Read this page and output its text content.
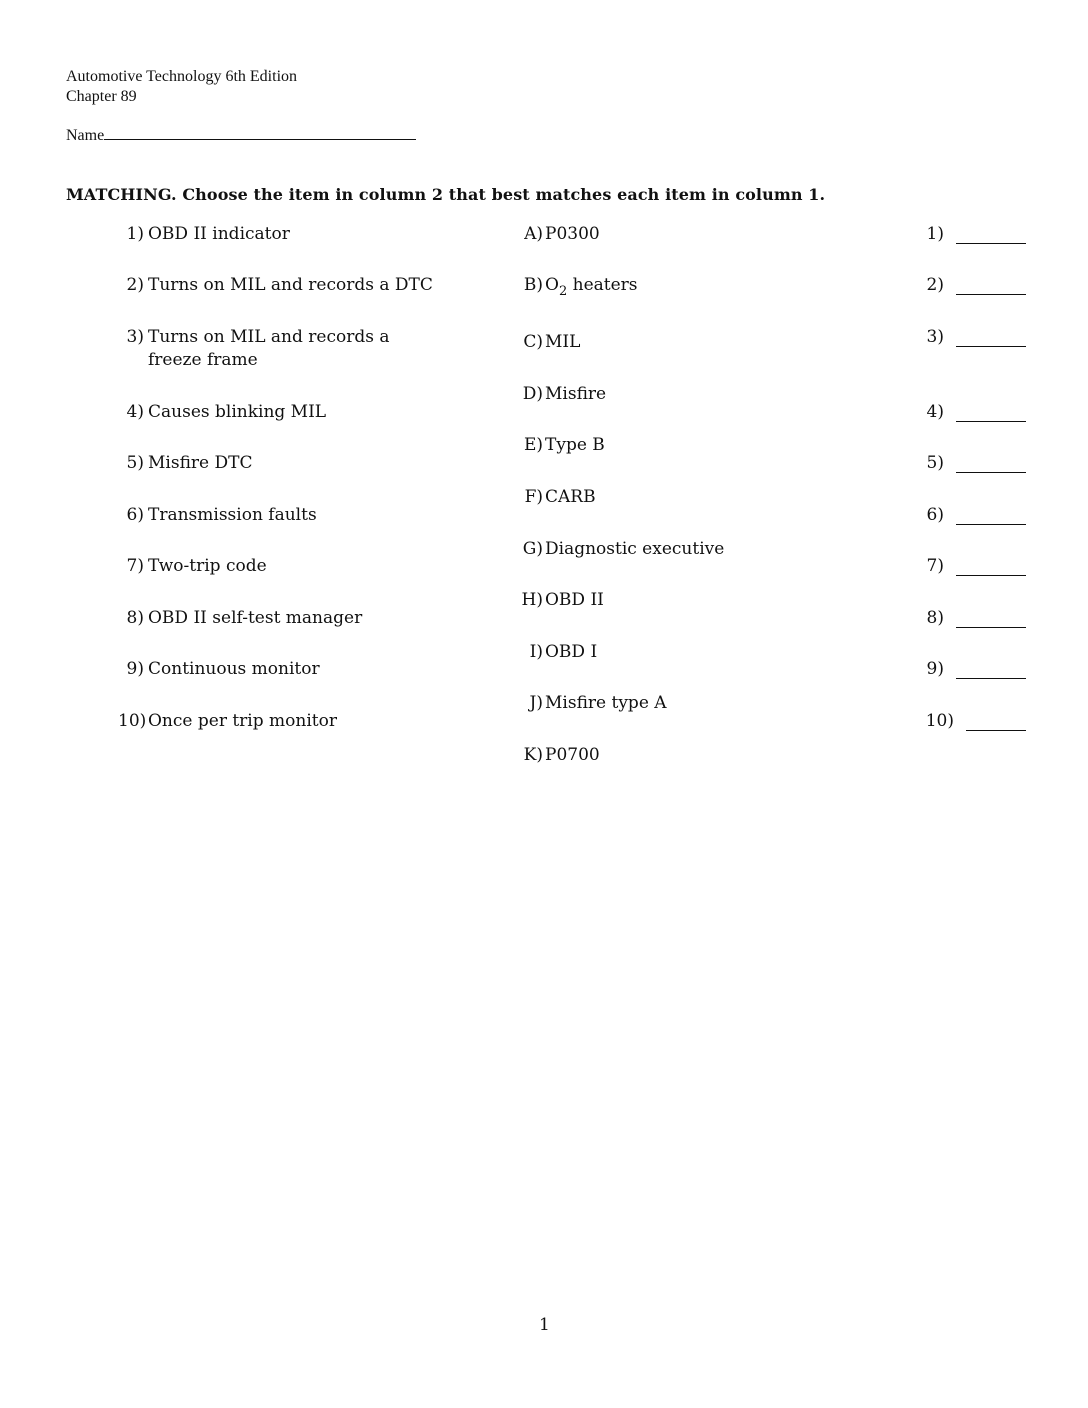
Automotive Technology 6th Edition
Chapter 89
Name
MATCHING. Choose the item in column 2 that best matches each item in column 1.
1) OBD II indicator
2) Turns on MIL and records a DTC
3) Turns on MIL and records a freeze frame
4) Causes blinking MIL
5) Misfire DTC
6) Transmission faults
7) Two-trip code
8) OBD II self-test manager
9) Continuous monitor
10) Once per trip monitor
A) P0300
B) $O_2$ heaters
C) MIL
D) Misfire
E) Type B
F) CARB
G) Diagnostic executive
H) OBD II
I) OBD I
J) Misfire type A
K) P0700
1)
2)
3)
4)
5)
6)
7)
8)
9)
10)
1
